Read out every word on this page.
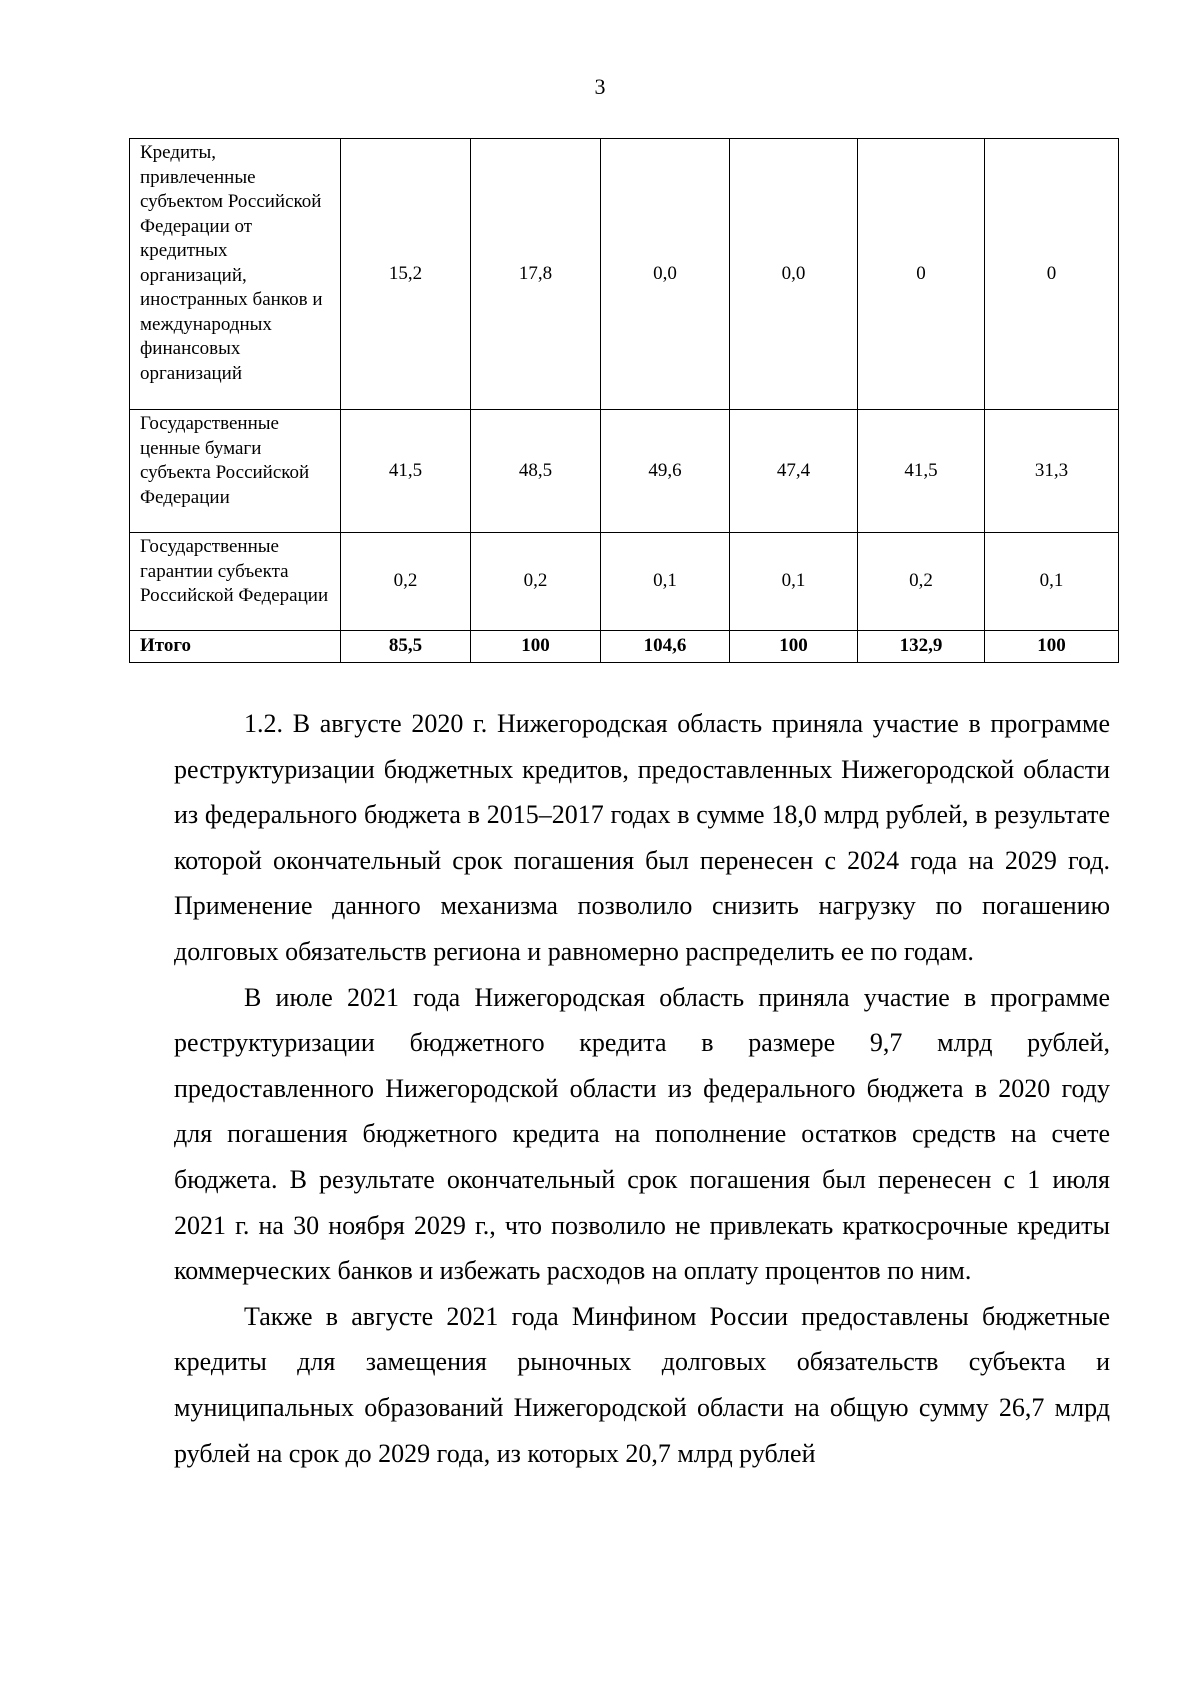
3
Кредиты, привлеченные субъектом Российской Федерации от кредитных организаций, иностранных банков и международных финансовых организаций	15,2	17,8	0,0	0,0	0	0
Государственные ценные бумаги субъекта Российской Федерации	41,5	48,5	49,6	47,4	41,5	31,3
Государственные гарантии субъекта Российской Федерации	0,2	0,2	0,1	0,1	0,2	0,1
Итого	85,5	100	104,6	100	132,9	100

1.2. В августе 2020 г. Нижегородская область приняла участие в программе реструктуризации бюджетных кредитов, предоставленных Нижегородской области из федерального бюджета в 2015–2017 годах в сумме 18,0 млрд рублей, в результате которой окончательный срок погашения был перенесен с 2024 года на 2029 год. Применение данного механизма позволило снизить нагрузку по погашению долговых обязательств региона и равномерно распределить ее по годам.

В июле 2021 года Нижегородская область приняла участие в программе реструктуризации бюджетного кредита в размере 9,7 млрд рублей, предоставленного Нижегородской области из федерального бюджета в 2020 году для погашения бюджетного кредита на пополнение остатков средств на счете бюджета. В результате окончательный срок погашения был перенесен с 1 июля 2021 г. на 30 ноября 2029 г., что позволило не привлекать краткосрочные кредиты коммерческих банков и избежать расходов на оплату процентов по ним.

Также в августе 2021 года Минфином России предоставлены бюджетные кредиты для замещения рыночных долговых обязательств субъекта и муниципальных образований Нижегородской области на общую сумму 26,7 млрд рублей на срок до 2029 года, из которых 20,7 млрд рублей
